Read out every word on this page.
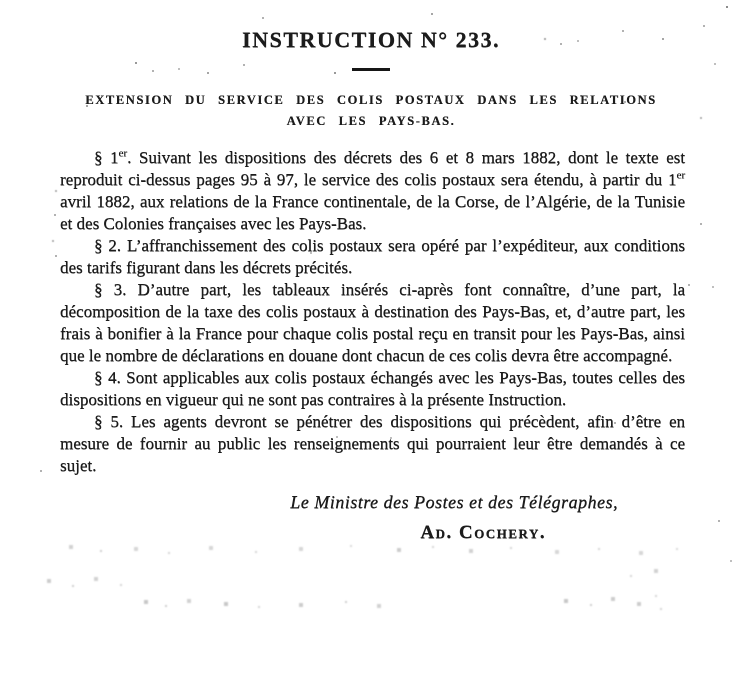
INSTRUCTION N° 233.
EXTENSION DU SERVICE DES COLIS POSTAUX DANS LES RELATIONS
AVEC LES PAYS-BAS.

§ 1er. Suivant les dispositions des décrets des 6 et 8 mars 1882, dont le texte est reproduit ci-dessus pages 95 à 97, le service des colis postaux sera étendu, à partir du 1er avril 1882, aux relations de la France continentale, de la Corse, de l’Algérie, de la Tunisie et des Colonies françaises avec les Pays-Bas.

§ 2. L’affranchissement des colis postaux sera opéré par l’expéditeur, aux conditions des tarifs figurant dans les décrets précités.

§ 3. D’autre part, les tableaux insérés ci-après font connaître, d’une part, la décomposition de la taxe des colis postaux à destination des Pays-Bas, et, d’autre part, les frais à bonifier à la France pour chaque colis postal reçu en transit pour les Pays-Bas, ainsi que le nombre de déclarations en douane dont chacun de ces colis devra être accompagné.

§ 4. Sont applicables aux colis postaux échangés avec les Pays-Bas, toutes celles des dispositions en vigueur qui ne sont pas contraires à la présente Instruction.

§ 5. Les agents devront se pénétrer des dispositions qui précèdent, afin d’être en mesure de fournir au public les renseignements qui pourraient leur être demandés à ce sujet.

Le Ministre des Postes et des Télégraphes,
Ad. Cochery.
